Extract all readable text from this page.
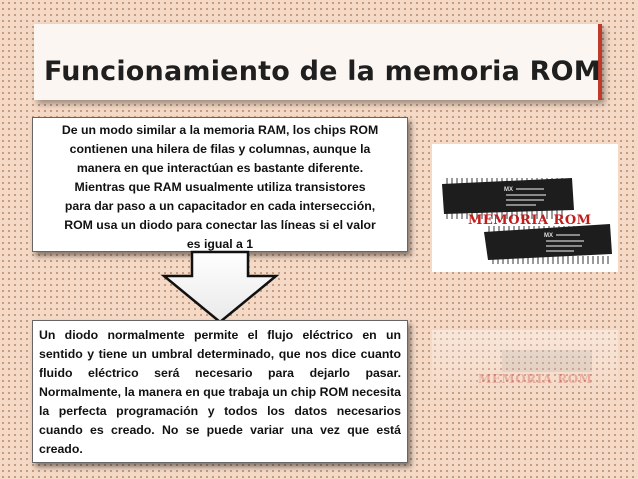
Funcionamiento de la memoria ROM
De un modo similar a la memoria RAM, los chips ROM
contienen una hilera de filas y columnas, aunque la
manera en que interactúan es bastante diferente.
Mientras que RAM usualmente utiliza transistores
para dar paso a un capacitador en cada intersección,
ROM usa un diodo para conectar las líneas si el valor
es igual a 1
Un diodo normalmente permite el flujo eléctrico en un sentido y tiene un umbral determinado, que nos dice cuanto fluido eléctrico será necesario para dejarlo pasar. Normalmente, la manera en que trabaja un chip ROM necesita la perfecta programación y todos los datos necesarios cuando es creado. No se puede variar una vez que está creado.
MX
MX
MEMORIA ROM
MEMORIA ROM
